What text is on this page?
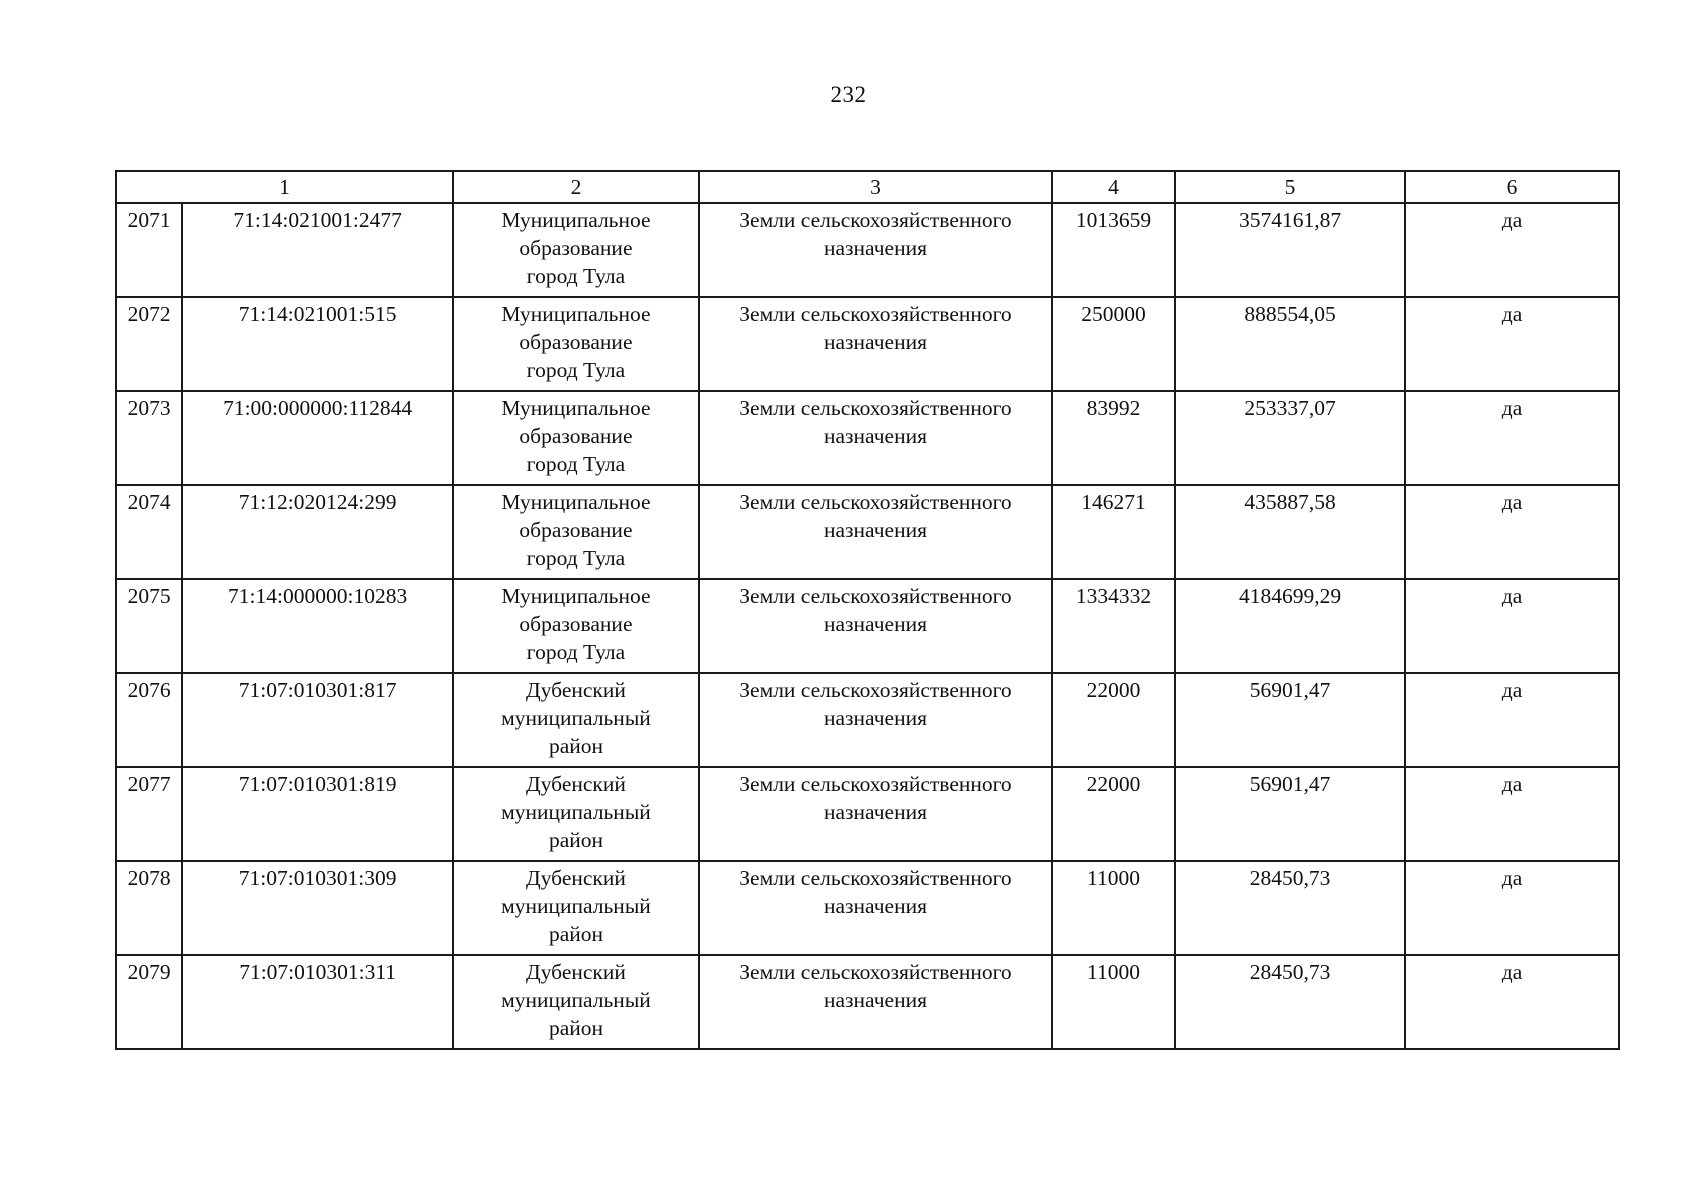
232
1		2	3	4	5	6
2071	71:14:021001:2477	Муниципальное
образование
город Тула	Земли сельскохозяйственного
назначения	1013659	3574161,87	да
2072	71:14:021001:515	Муниципальное
образование
город Тула	Земли сельскохозяйственного
назначения	250000	888554,05	да
2073	71:00:000000:112844	Муниципальное
образование
город Тула	Земли сельскохозяйственного
назначения	83992	253337,07	да
2074	71:12:020124:299	Муниципальное
образование
город Тула	Земли сельскохозяйственного
назначения	146271	435887,58	да
2075	71:14:000000:10283	Муниципальное
образование
город Тула	Земли сельскохозяйственного
назначения	1334332	4184699,29	да
2076	71:07:010301:817	Дубенский
муниципальный
район	Земли сельскохозяйственного
назначения	22000	56901,47	да
2077	71:07:010301:819	Дубенский
муниципальный
район	Земли сельскохозяйственного
назначения	22000	56901,47	да
2078	71:07:010301:309	Дубенский
муниципальный
район	Земли сельскохозяйственного
назначения	11000	28450,73	да
2079	71:07:010301:311	Дубенский
муниципальный
район	Земли сельскохозяйственного
назначения	11000	28450,73	да
